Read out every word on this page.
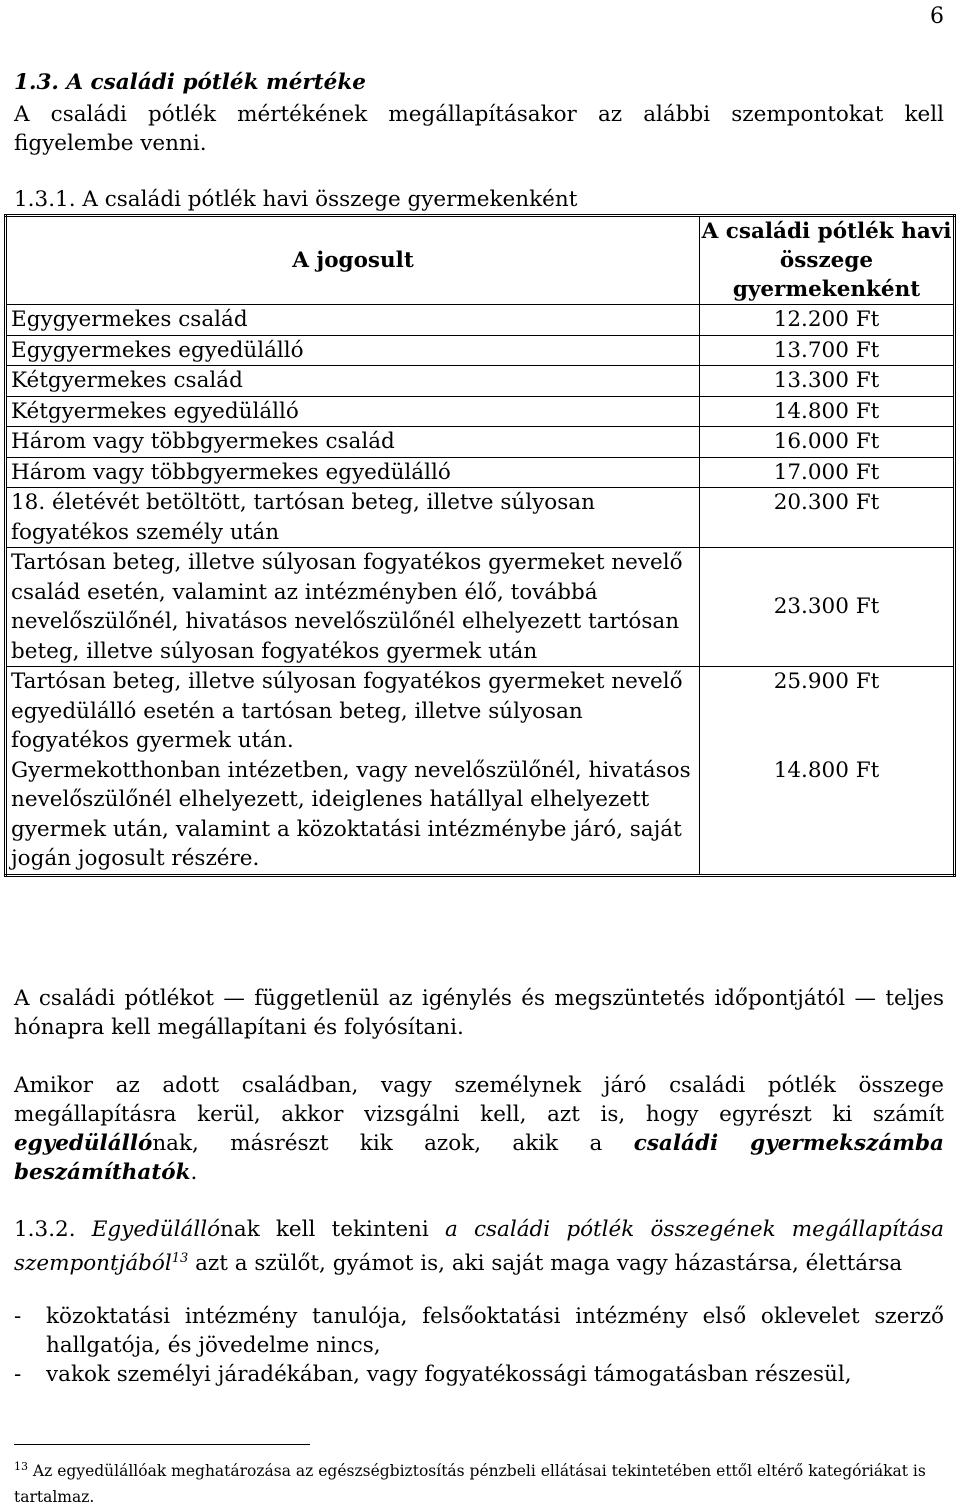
6
1.3. A családi pótlék mértéke
A családi pótlék mértékének megállapításakor az alábbi szempontokat kell figyelembe venni.
1.3.1. A családi pótlék havi összege gyermekenként
A jogosult	A családi pótlék havi összege gyermekenként
Egygyermekes család	12.200 Ft
Egygyermekes egyedülálló	13.700 Ft
Kétgyermekes család	13.300 Ft
Kétgyermekes egyedülálló	14.800 Ft
Három vagy többgyermekes család	16.000 Ft
Három vagy többgyermekes egyedülálló	17.000 Ft
18. életévét betöltött, tartósan beteg, illetve súlyosan fogyatékos személy után	20.300 Ft
Tartósan beteg, illetve súlyosan fogyatékos gyermeket nevelő család esetén, valamint az intézményben élő, továbbá nevelőszülőnél, hivatásos nevelőszülőnél elhelyezett tartósan beteg, illetve súlyosan fogyatékos gyermek után	23.300 Ft
Tartósan beteg, illetve súlyosan fogyatékos gyermeket nevelő egyedülálló esetén a tartósan beteg, illetve súlyosan fogyatékos gyermek után.	25.900 Ft
Gyermekotthonban intézetben, vagy nevelőszülőnél, hivatásos nevelőszülőnél elhelyezett, ideiglenes hatállyal elhelyezett gyermek után, valamint a közoktatási intézménybe járó, saját jogán jogosult részére.	14.800 Ft
A családi pótlékot — függetlenül az igénylés és megszüntetés időpontjától — teljes hónapra kell megállapítani és folyósítani.
Amikor az adott családban, vagy személynek járó családi pótlék összege megállapításra kerül, akkor vizsgálni kell, azt is, hogy egyrészt ki számít egyedülállónak, másrészt kik azok, akik a családi gyermekszámba beszámíthatók.
1.3.2. Egyedülállónak kell tekinteni a családi pótlék összegének megállapítása szempontjából$^{13}$ azt a szülőt, gyámot is, aki saját maga vagy házastársa, élettársa
-	közoktatási intézmény tanulója, felsőoktatási intézmény első oklevelet szerző hallgatója, és jövedelme nincs,
-	vakok személyi járadékában, vagy fogyatékossági támogatásban részesül,
$^{13}$ Az egyedülállóak meghatározása az egészségbiztosítás pénzbeli ellátásai tekintetében ettől eltérő kategóriákat is tartalmaz.
